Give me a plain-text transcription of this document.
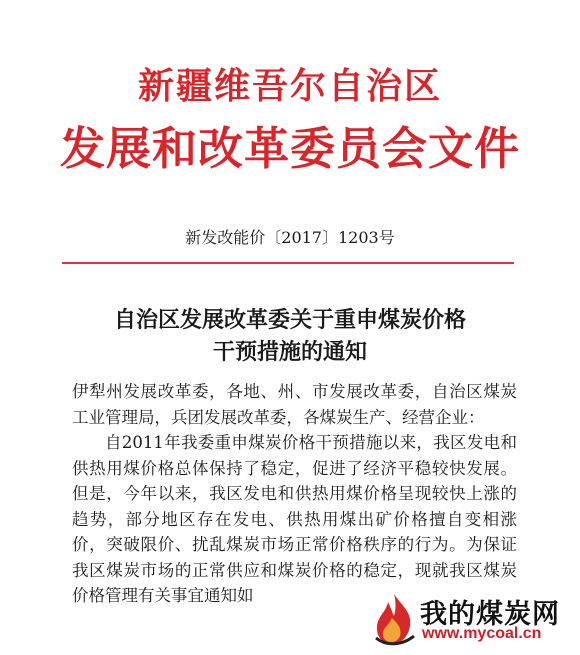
新疆维吾尔自治区
发展和改革委员会文件
新发改能价〔2017〕1203号
自治区发展改革委关于重申煤炭价格
干预措施的通知

伊犁州发展改革委，各地、州、市发展改革委，自治区煤炭工业管理局，兵团发展改革委，各煤炭生产、经营企业：

自2011年我委重申煤炭价格干预措施以来，我区发电和供热用煤价格总体保持了稳定，促进了经济平稳较快发展。但是，今年以来，我区发电和供热用煤价格呈现较快上涨的趋势，部分地区存在发电、供热用煤出矿价格擅自变相涨价，突破限价、扰乱煤炭市场正常价格秩序的行为。为保证我区煤炭市场的正常供应和煤炭价格的稳定，现就我区煤炭价格管理有关事宜通知如

我的煤炭网
www.mycoal.cn
